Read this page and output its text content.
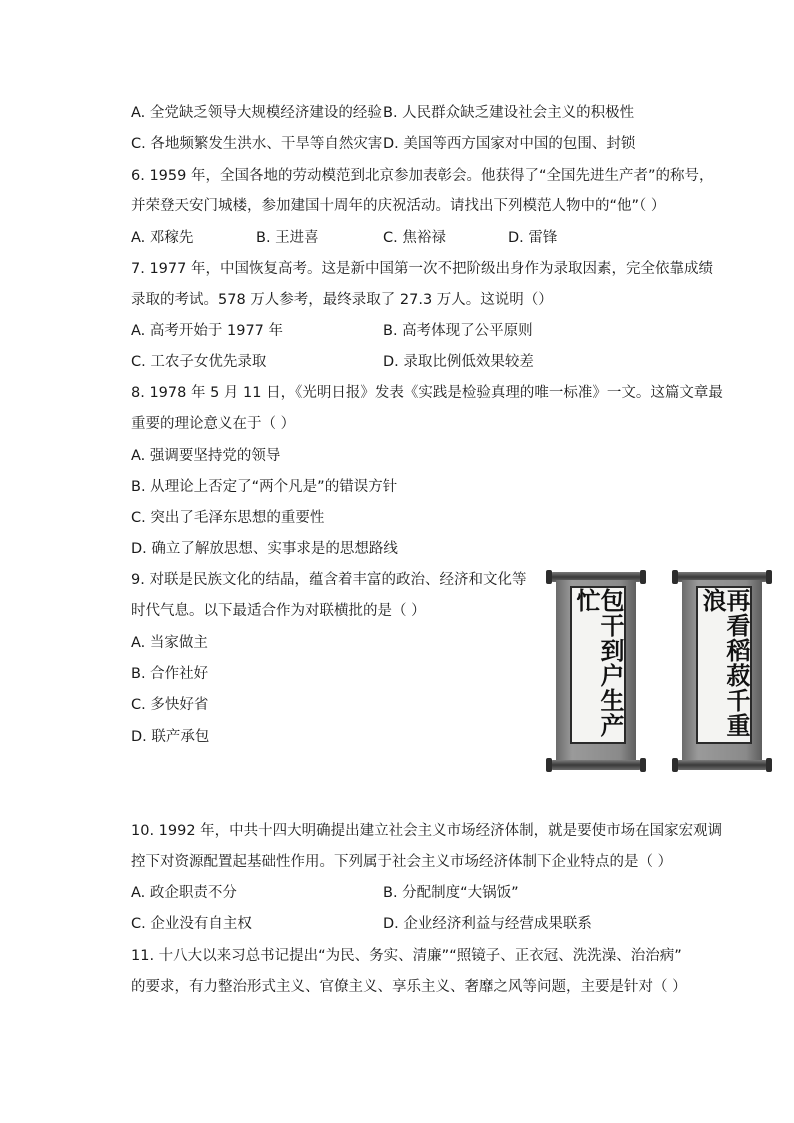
A. 全党缺乏领导大规模经济建设的经验 B. 人民群众缺乏建设社会主义的积极性
C. 各地频繁发生洪水、干旱等自然灾害 D. 美国等西方国家对中国的包围、封锁
6. 1959 年，全国各地的劳动模范到北京参加表彰会。他获得了“全国先进生产者”的称号，
并荣登天安门城楼，参加建国十周年的庆祝活动。请找出下列模范人物中的“他”（ ）
A. 邓稼先	B. 王进喜	C. 焦裕禄	D. 雷锋
7. 1977 年，中国恢复高考。这是新中国第一次不把阶级出身作为录取因素，完全依靠成绩
录取的考试。578 万人参考，最终录取了 27.3 万人。这说明（）
A. 高考开始于 1977 年	B. 高考体现了公平原则
C. 工农子女优先录取	D. 录取比例低效果较差
8. 1978 年 5 月 11 日，《光明日报》发表《实践是检验真理的唯一标准》一文。这篇文章最
重要的理论意义在于（ ）
A. 强调要坚持党的领导
B. 从理论上否定了“两个凡是”的错误方针
C. 突出了毛泽东思想的重要性
D. 确立了解放思想、实事求是的思想路线
9. 对联是民族文化的结晶，蕴含着丰富的政治、经济和文化等
时代气息。以下最适合作为对联横批的是（ ）
A. 当家做主
B. 合作社好
C. 多快好省
D. 联产承包	包干到户生产忙	再看稻菽千重浪
10. 1992 年，中共十四大明确提出建立社会主义市场经济体制，就是要使市场在国家宏观调
控下对资源配置起基础性作用。下列属于社会主义市场经济体制下企业特点的是（ ）
A. 政企职责不分	B. 分配制度“大锅饭”
C. 企业没有自主权	D. 企业经济利益与经营成果联系
11. 十八大以来习总书记提出“为民、务实、清廉”“照镜子、正衣冠、洗洗澡、治治病”
的要求，有力整治形式主义、官僚主义、享乐主义、奢靡之风等问题，主要是针对（ ）
